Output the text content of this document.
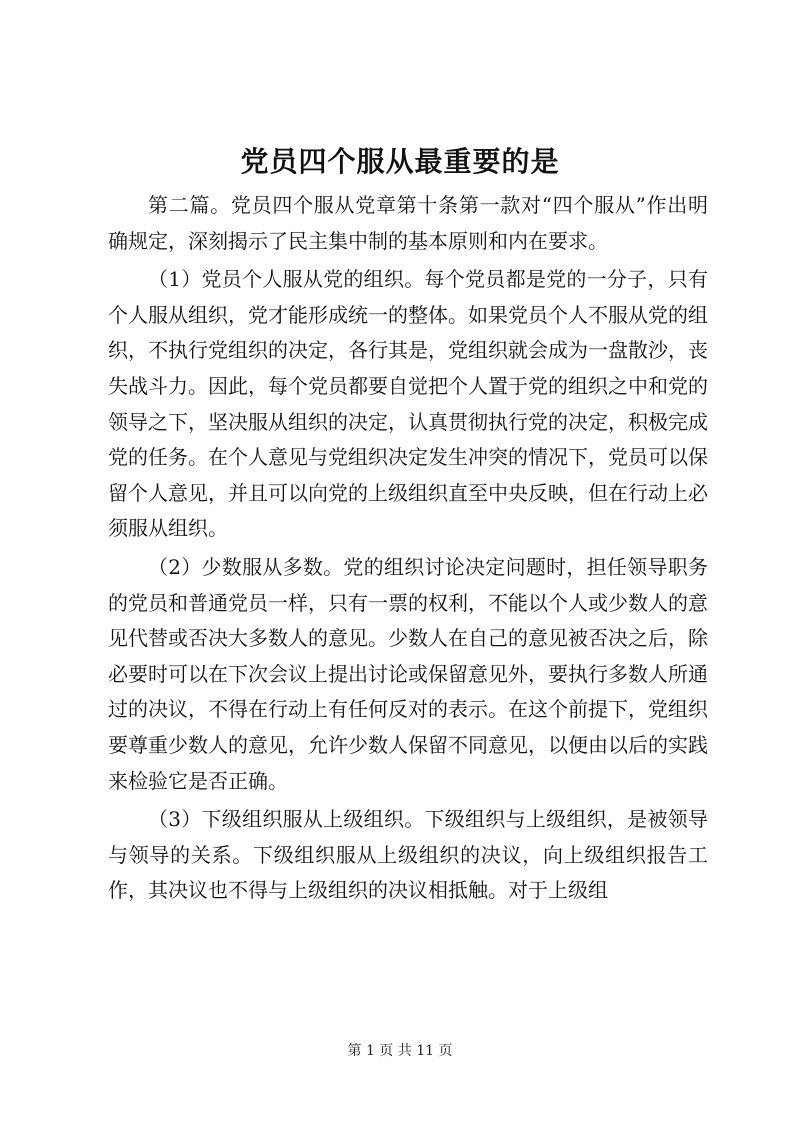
党员四个服从最重要的是

第二篇。党员四个服从党章第十条第一款对“四个服从”作出明确规定，深刻揭示了民主集中制的基本原则和内在要求。

（1）党员个人服从党的组织。每个党员都是党的一分子，只有个人服从组织，党才能形成统一的整体。如果党员个人不服从党的组织，不执行党组织的决定，各行其是，党组织就会成为一盘散沙，丧失战斗力。因此，每个党员都要自觉把个人置于党的组织之中和党的领导之下，坚决服从组织的决定，认真贯彻执行党的决定，积极完成党的任务。在个人意见与党组织决定发生冲突的情况下，党员可以保留个人意见，并且可以向党的上级组织直至中央反映，但在行动上必须服从组织。

（2）少数服从多数。党的组织讨论决定问题时，担任领导职务的党员和普通党员一样，只有一票的权利，不能以个人或少数人的意见代替或否决大多数人的意见。少数人在自己的意见被否决之后，除必要时可以在下次会议上提出讨论或保留意见外，要执行多数人所通过的决议，不得在行动上有任何反对的表示。在这个前提下，党组织要尊重少数人的意见，允许少数人保留不同意见，以便由以后的实践来检验它是否正确。

（3）下级组织服从上级组织。下级组织与上级组织，是被领导与领导的关系。下级组织服从上级组织的决议，向上级组织报告工作，其决议也不得与上级组织的决议相抵触。对于上级组

第 1 页 共 11 页
